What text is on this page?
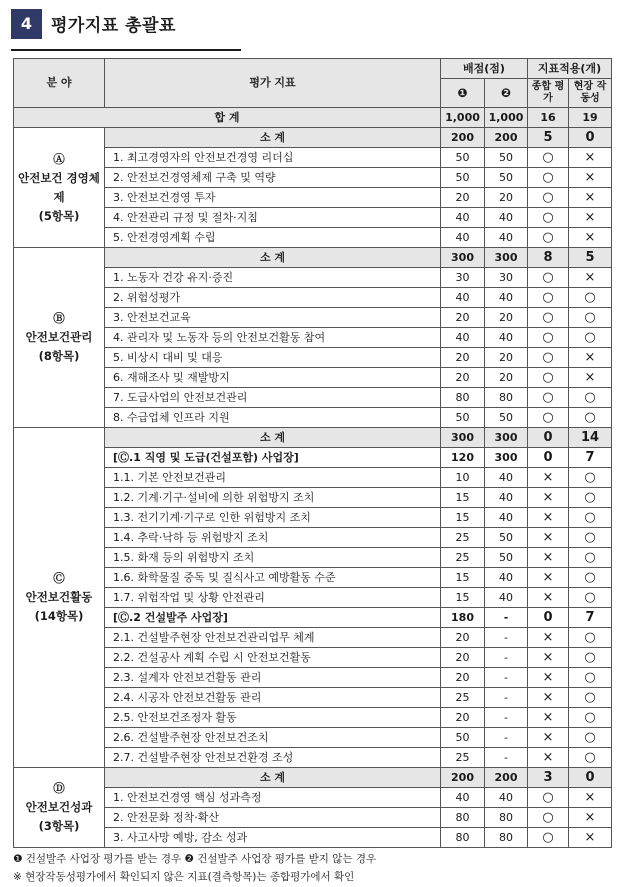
4	평가지표 총괄표
분 야	평가 지표	배점(점)		지표적용(개)	
		❶	❷	종합 평가	현장 작동성

합 계		1,000	1,000	16	19

Ⓐ
안전보건 경영체제
(5항목)	소 계	200	200	5	0
	1. 최고경영자의 안전보건경영 리더십	50	50	○	×
	2. 안전보건경영체제 구축 및 역량	50	50	○	×
	3. 안전보건경영 투자	20	20	○	×
	4. 안전관리 규정 및 절차·지침	40	40	○	×
	5. 안전경영계획 수립	40	40	○	×

Ⓑ
안전보건관리
(8항목)	소 계	300	300	8	5
	1. 노동자 건강 유지·증진	30	30	○	×
	2. 위험성평가	40	40	○	○
	3. 안전보건교육	20	20	○	○
	4. 관리자 및 노동자 등의 안전보건활동 참여	40	40	○	○
	5. 비상시 대비 및 대응	20	20	○	×
	6. 재해조사 및 재발방지	20	20	○	×
	7. 도급사업의 안전보건관리	80	80	○	○
	8. 수급업체 인프라 지원	50	50	○	○

Ⓒ
안전보건활동
(14항목)	소 계	300	300	0	14
	[Ⓒ.1 직영 및 도급(건설포함) 사업장]	120	300	0	7
	1.1. 기본 안전보건관리	10	40	×	○
	1.2. 기계·기구·설비에 의한 위험방지 조치	15	40	×	○
	1.3. 전기기계·기구로 인한 위험방지 조치	15	40	×	○
	1.4. 추락·낙하 등 위험방지 조치	25	50	×	○
	1.5. 화재 등의 위험방지 조치	25	50	×	○
	1.6. 화학물질 중독 및 질식사고 예방활동 수준	15	40	×	○
	1.7. 위험작업 및 상황 안전관리	15	40	×	○
	[Ⓒ.2 건설발주 사업장]	180	-	0	7
	2.1. 건설발주현장 안전보건관리업무 체계	20	-	×	○
	2.2. 건설공사 계획 수립 시 안전보건활동	20	-	×	○
	2.3. 설계자 안전보건활동 관리	20	-	×	○
	2.4. 시공자 안전보건활동 관리	25	-	×	○
	2.5. 안전보건조정자 활동	20	-	×	○
	2.6. 건설발주현장 안전보건조치	50	-	×	○
	2.7. 건설발주현장 안전보건환경 조성	25	-	×	○

Ⓓ
안전보건성과
(3항목)	소 계	200	200	3	0
	1. 안전보건경영 핵심 성과측정	40	40	○	×
	2. 안전문화 정착·확산	80	80	○	×
	3. 사고사망 예방, 감소 성과	80	80	○	×
❶ 건설발주 사업장 평가를 받는 경우 ❷ 건설발주 사업장 평가를 받지 않는 경우
※ 현장작동성평가에서 확인되지 않은 지표(결측항목)는 종합평가에서 확인
